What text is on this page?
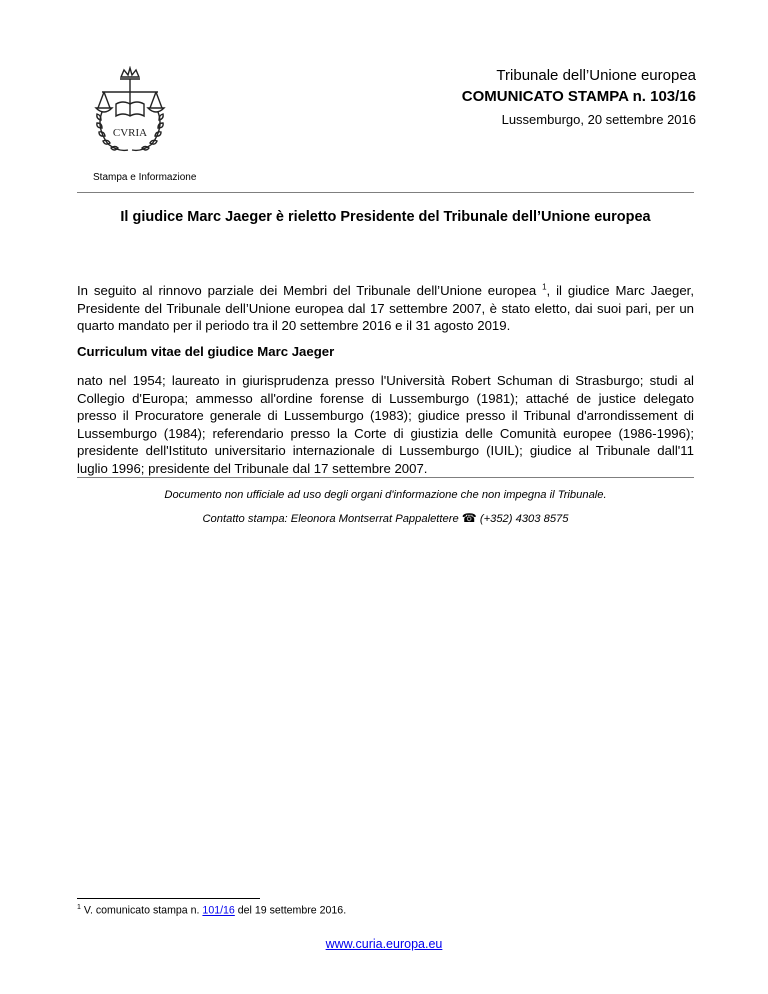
CVRIA
Tribunale dell’Unione europea
COMUNICATO STAMPA n. 103/16
Lussemburgo, 20 settembre 2016
Stampa e Informazione
Il giudice Marc Jaeger è rieletto Presidente del Tribunale dell’Unione europea
In seguito al rinnovo parziale dei Membri del Tribunale dell’Unione europea $^1$, il giudice Marc Jaeger, Presidente del Tribunale dell’Unione europea dal 17 settembre 2007, è stato eletto, dai suoi pari, per un quarto mandato per il periodo tra il 20 settembre 2016 e il 31 agosto 2019.
Curriculum vitae del giudice Marc Jaeger
nato nel 1954; laureato in giurisprudenza presso l'Università Robert Schuman di Strasburgo; studi al Collegio d'Europa; ammesso all'ordine forense di Lussemburgo (1981); attaché de justice delegato presso il Procuratore generale di Lussemburgo (1983); giudice presso il Tribunal d'arrondissement di Lussemburgo (1984); referendario presso la Corte di giustizia delle Comunità europee (1986-1996); presidente dell'Istituto universitario internazionale di Lussemburgo (IUIL); giudice al Tribunale dall'11 luglio 1996; presidente del Tribunale dal 17 settembre 2007.
Documento non ufficiale ad uso degli organi d'informazione che non impegna il Tribunale.
Contatto stampa: Eleonora Montserrat Pappalettere ☎ (+352) 4303 8575
$^1$ V. comunicato stampa n. 101/16 del 19 settembre 2016.
www.curia.europa.eu
